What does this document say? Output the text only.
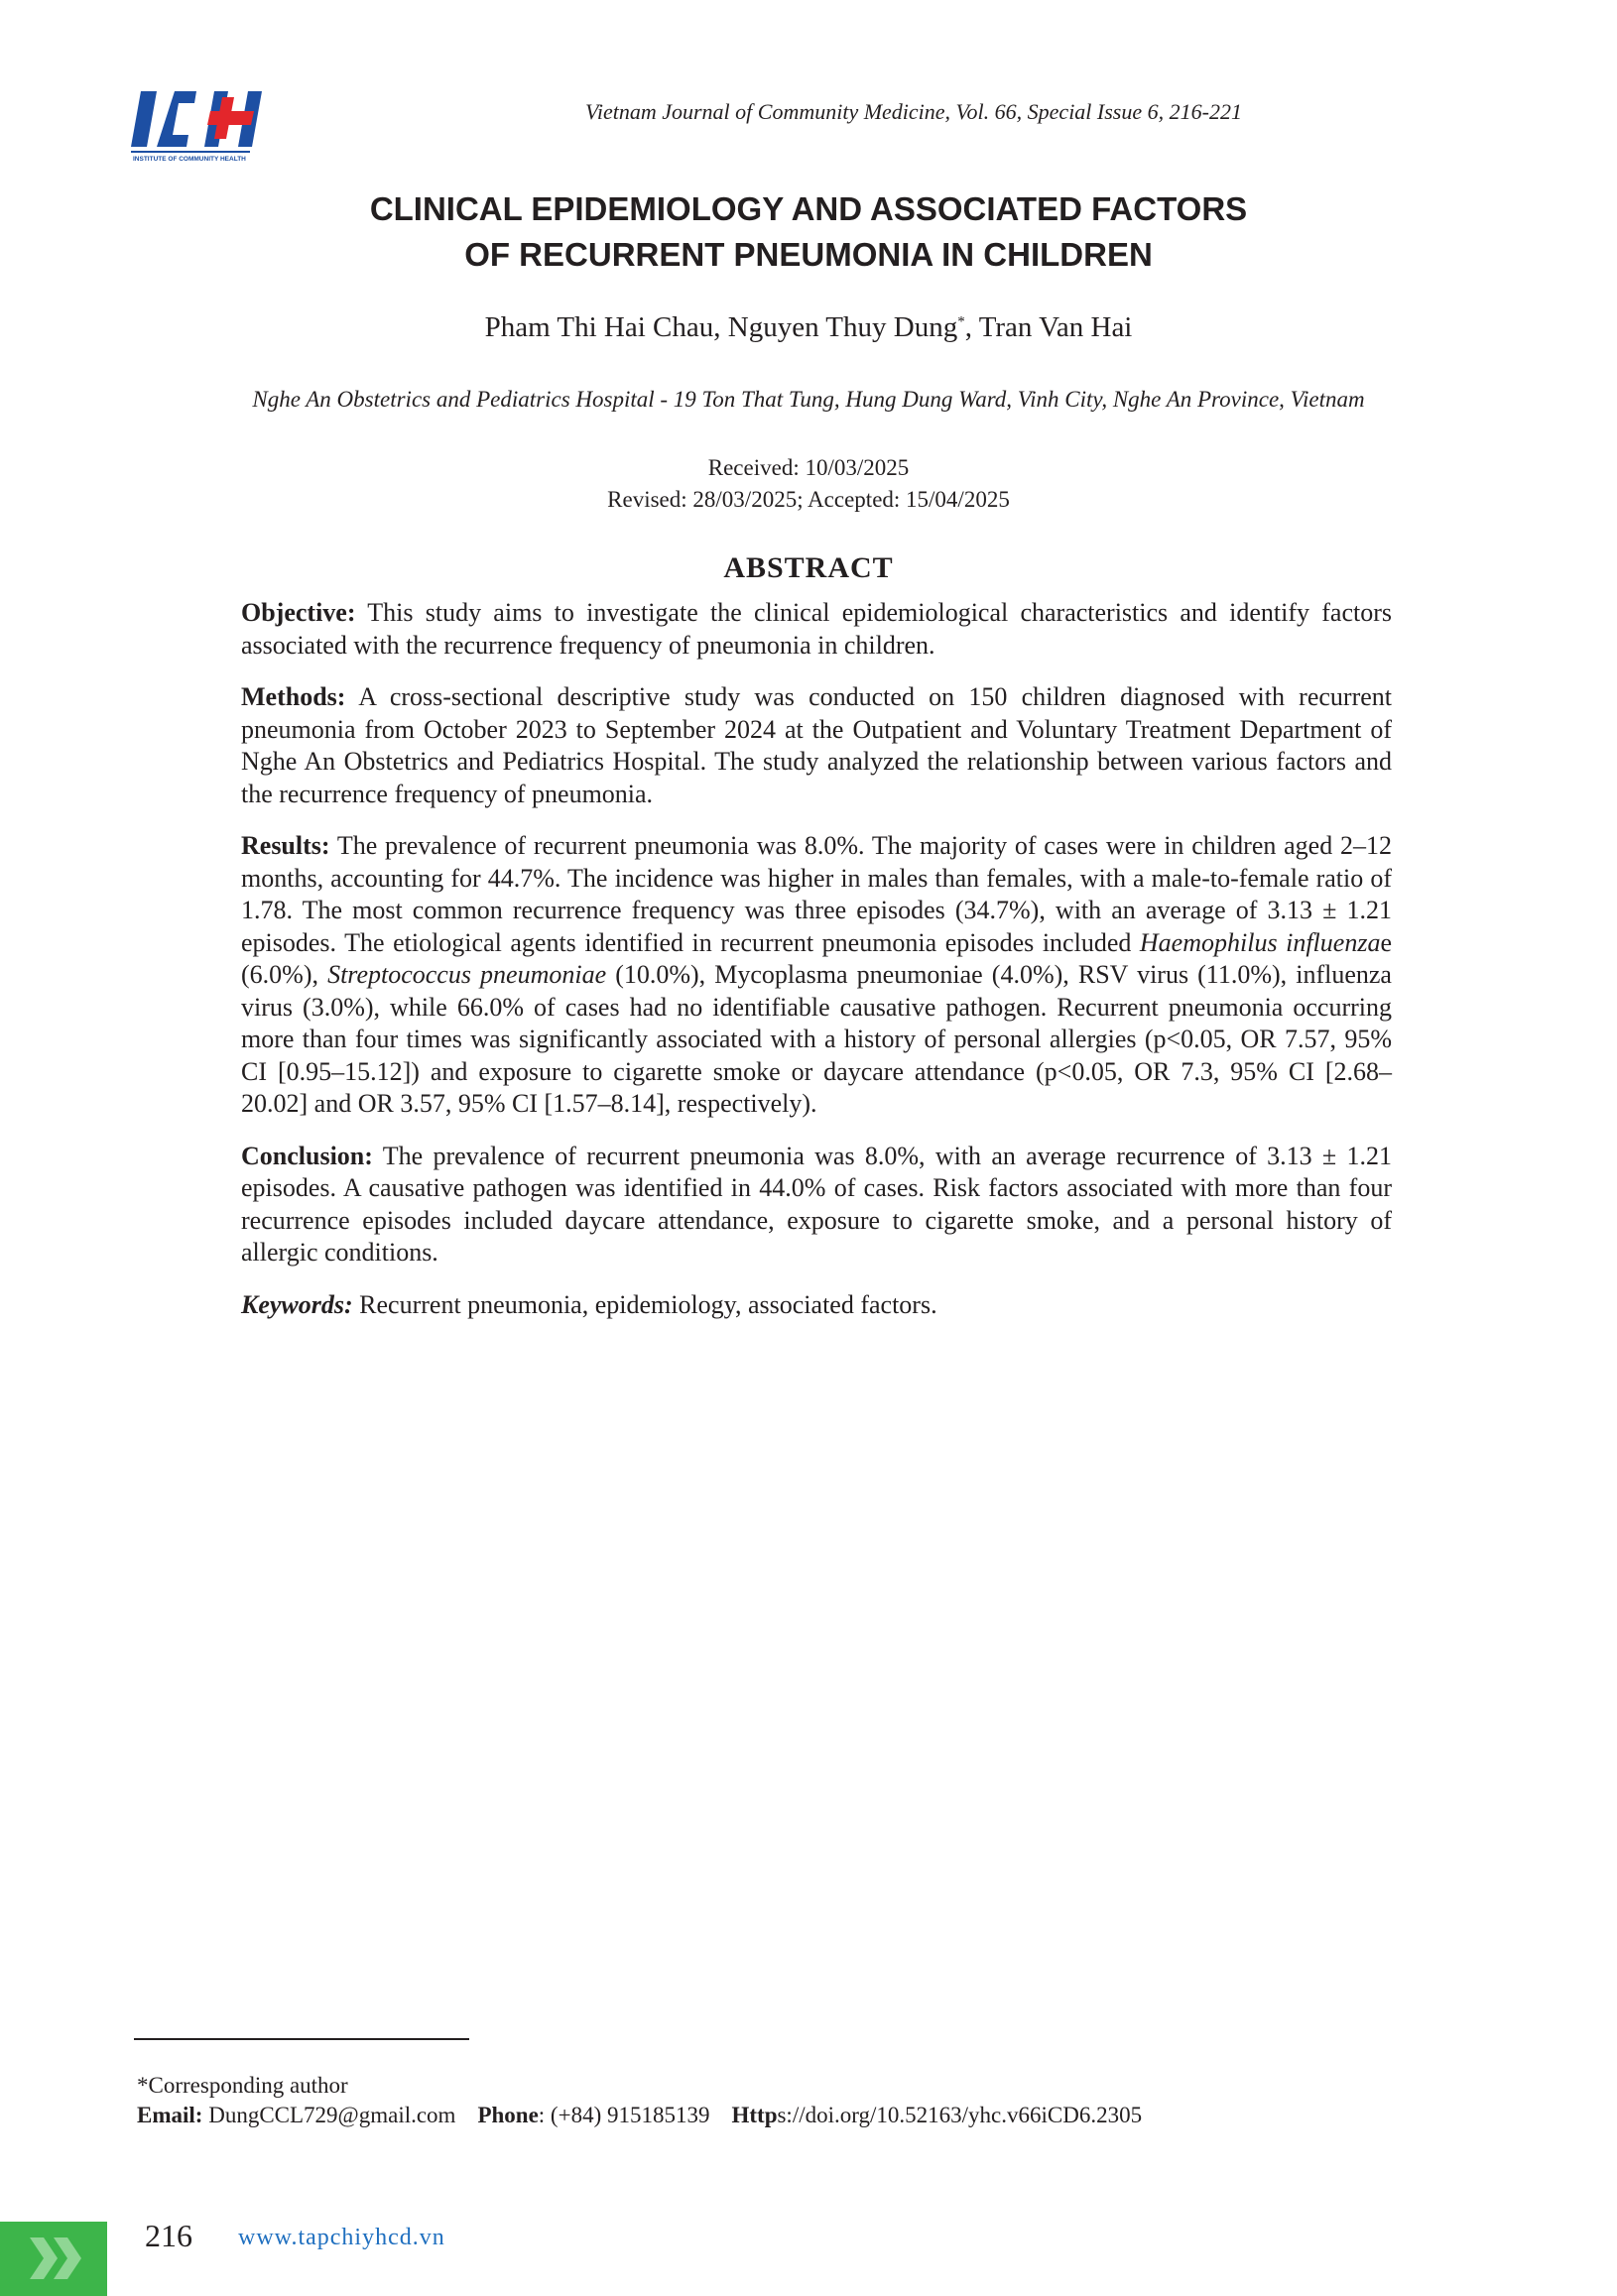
INSTITUTE OF COMMUNITY HEALTH
Vietnam Journal of Community Medicine, Vol. 66, Special Issue 6, 216-221
CLINICAL EPIDEMIOLOGY AND ASSOCIATED FACTORS
OF RECURRENT PNEUMONIA IN CHILDREN
Pham Thi Hai Chau, Nguyen Thuy Dung*, Tran Van Hai
Nghe An Obstetrics and Pediatrics Hospital - 19 Ton That Tung, Hung Dung Ward, Vinh City, Nghe An Province, Vietnam
Received: 10/03/2025
Revised: 28/03/2025; Accepted: 15/04/2025
ABSTRACT

Objective: This study aims to investigate the clinical epidemiological characteristics and identify factors associated with the recurrence frequency of pneumonia in children.

Methods: A cross-sectional descriptive study was conducted on 150 children diagnosed with recurrent pneumonia from October 2023 to September 2024 at the Outpatient and Voluntary Treatment Department of Nghe An Obstetrics and Pediatrics Hospital. The study analyzed the relationship between various factors and the recurrence frequency of pneumonia.

Results: The prevalence of recurrent pneumonia was 8.0%. The majority of cases were in children aged 2–12 months, accounting for 44.7%. The incidence was higher in males than females, with a male-to-female ratio of 1.78. The most common recurrence frequency was three episodes (34.7%), with an average of 3.13 ± 1.21 episodes. The etiological agents identified in recurrent pneumonia episodes included Haemophilus influenzae (6.0%), Streptococcus pneumoniae (10.0%), Mycoplasma pneumoniae (4.0%), RSV virus (11.0%), influenza virus (3.0%), while 66.0% of cases had no identifiable causative pathogen. Recurrent pneumonia occurring more than four times was significantly associated with a history of personal allergies (p<0.05, OR 7.57, 95% CI [0.95–15.12]) and exposure to cigarette smoke or daycare attendance (p<0.05, OR 7.3, 95% CI [2.68–20.02] and OR 3.57, 95% CI [1.57–8.14], respectively).

Conclusion: The prevalence of recurrent pneumonia was 8.0%, with an average recurrence of 3.13 ± 1.21 episodes. A causative pathogen was identified in 44.0% of cases. Risk factors associated with more than four recurrence episodes included daycare attendance, exposure to cigarette smoke, and a personal history of allergic conditions.

Keywords: Recurrent pneumonia, epidemiology, associated factors.

*Corresponding author
Email: DungCCL729@gmail.com Phone: (+84) 915185139 Https://doi.org/10.52163/yhc.v66iCD6.2305
216 www.tapchiyhcd.vn
